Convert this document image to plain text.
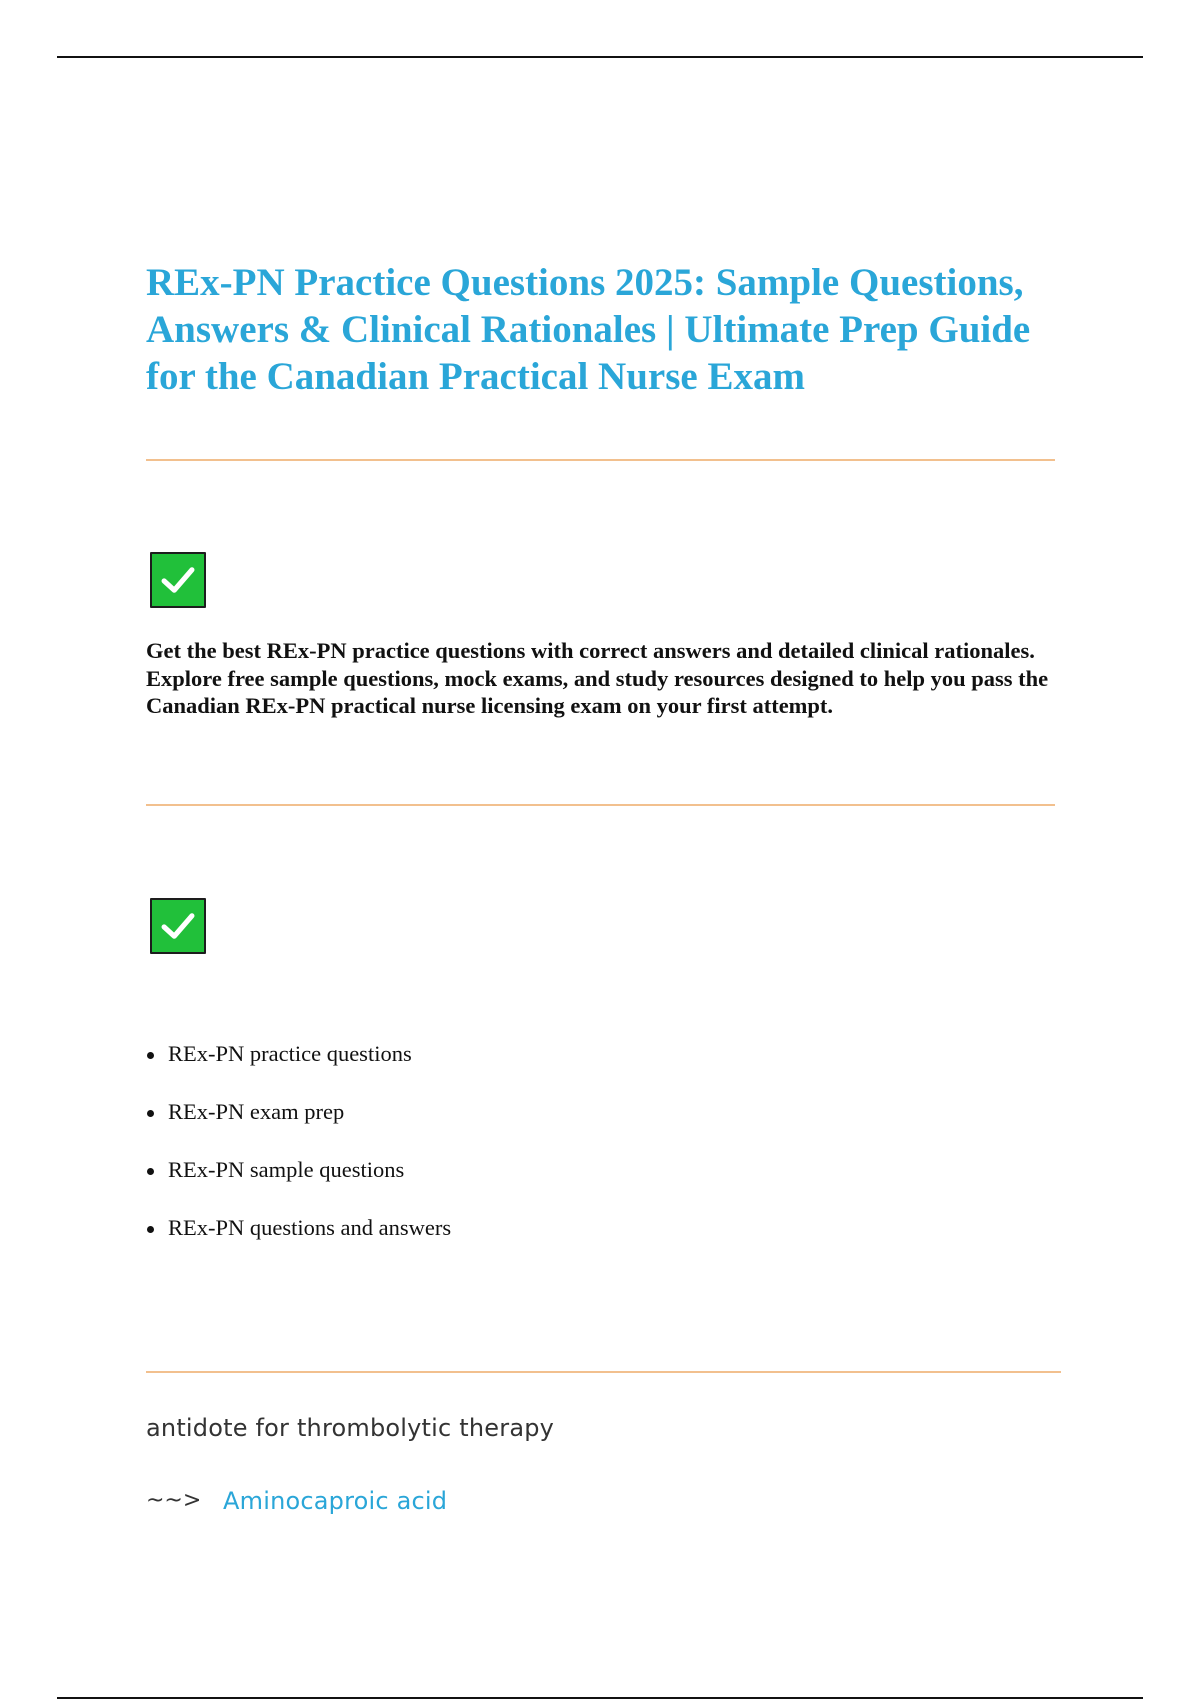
REx-PN Practice Questions 2025: Sample Questions, Answers & Clinical Rationales | Ultimate Prep Guide for the Canadian Practical Nurse Exam

Get the best REx-PN practice questions with correct answers and detailed clinical rationales. Explore free sample questions, mock exams, and study resources designed to help you pass the Canadian REx-PN practical nurse licensing exam on your first attempt.

REx-PN practice questions
REx-PN exam prep
REx-PN sample questions
REx-PN questions and answers

antidote for thrombolytic therapy

~~> Aminocaproic acid
